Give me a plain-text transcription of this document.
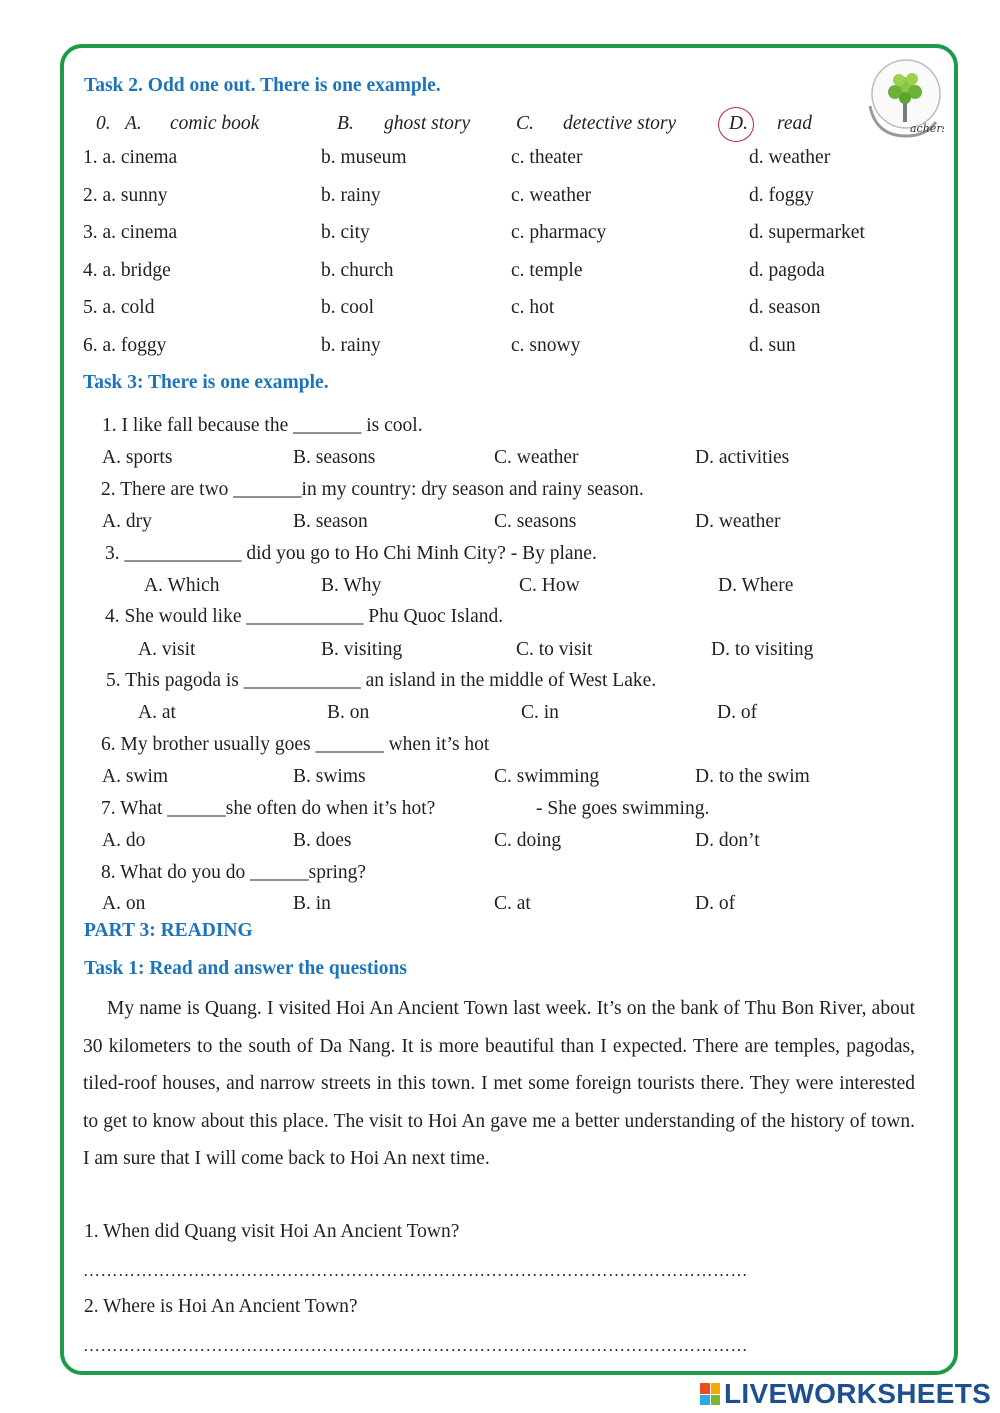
achers
Task 2. Odd one out. There is one example.
0. A. comic book	B. ghost story C. detective story	D. read
1. a. cinema	b. museum	c. theater	d. weather
2. a. sunny	b. rainy	c. weather	d. foggy
3. a. cinema	b. city	c. pharmacy	d. supermarket
4. a. bridge	b. church	c. temple	d. pagoda
5. a. cold	b. cool	c. hot	d. season
6. a. foggy	b. rainy	c. snowy	d. sun
Task 3: There is one example.
1. I like fall because the _______ is cool.
A. sports	B. seasons	C. weather	D. activities
2. There are two _______in my country: dry season and rainy season.
A. dry	B. season	C. seasons	D. weather
3. ____________ did you go to Ho Chi Minh City? - By plane.
A. Which	B. Why	C. How	D. Where
4. She would like ____________ Phu Quoc Island.
A. visit	B. visiting	C. to visit	D. to visiting
5. This pagoda is ____________ an island in the middle of West Lake.
A. at	B. on	C. in	D. of
6. My brother usually goes _______ when it’s hot
A. swim	B. swims	C. swimming	D. to the swim
7. What ______she often do when it’s hot?	- She goes swimming.
A. do	B. does	C. doing	D. don’t
8. What do you do ______spring?
A. on	B. in	C. at	D. of
PART 3: READING
Task 1: Read and answer the questions
My name is Quang. I visited Hoi An Ancient Town last week. It’s on the bank of Thu Bon River, about 30 kilometers to the south of Da Nang. It is more beautiful than I expected. There are temples, pagodas, tiled-roof houses, and narrow streets in this town. I met some foreign tourists there. They were interested to get to know about this place. The visit to Hoi An gave me a better understanding of the history of town. I am sure that I will come back to Hoi An next time.
1. When did Quang visit Hoi An Ancient Town?
……………………………………………………………………………………………………
2. Where is Hoi An Ancient Town?
……………………………………………………………………………………………………
LIVEWORKSHEETS
